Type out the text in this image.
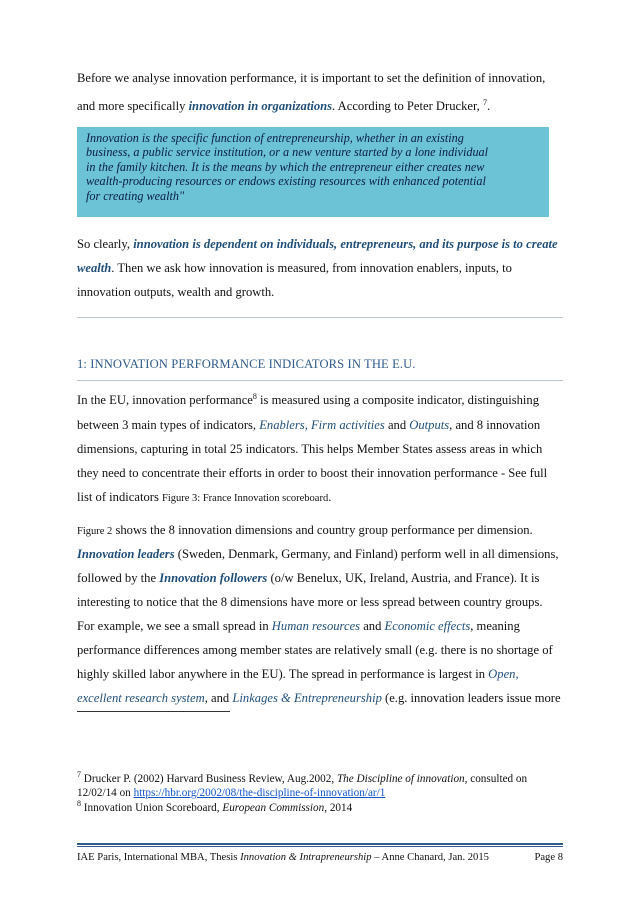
Before we analyse innovation performance, it is important to set the definition of innovation,
and more specifically innovation in organizations. According to Peter Drucker, $^7$.
Innovation is the specific function of entrepreneurship, whether in an existing
business, a public service institution, or a new venture started by a lone individual
in the family kitchen. It is the means by which the entrepreneur either creates new
wealth-producing resources or endows existing resources with enhanced potential
for creating wealth"
So clearly, innovation is dependent on individuals, entrepreneurs, and its purpose is to create
wealth. Then we ask how innovation is measured, from innovation enablers, inputs, to
innovation outputs, wealth and growth.
1: INNOVATION PERFORMANCE INDICATORS IN THE E.U.
In the EU, innovation performance$^8$ is measured using a composite indicator, distinguishing
between 3 main types of indicators, Enablers, Firm activities and Outputs, and 8 innovation
dimensions, capturing in total 25 indicators. This helps Member States assess areas in which
they need to concentrate their efforts in order to boost their innovation performance - See full
list of indicators Figure 3: France Innovation scoreboard.
Figure 2 shows the 8 innovation dimensions and country group performance per dimension.
Innovation leaders (Sweden, Denmark, Germany, and Finland) perform well in all dimensions,
followed by the Innovation followers (o/w Benelux, UK, Ireland, Austria, and France). It is
interesting to notice that the 8 dimensions have more or less spread between country groups.
For example, we see a small spread in Human resources and Economic effects, meaning
performance differences among member states are relatively small (e.g. there is no shortage of
highly skilled labor anywhere in the EU). The spread in performance is largest in Open,
excellent research system, and Linkages & Entrepreneurship (e.g. innovation leaders issue more
$^7$ Drucker P. (2002) Harvard Business Review, Aug.2002, The Discipline of innovation, consulted on
12/02/14 on https://hbr.org/2002/08/the-discipline-of-innovation/ar/1
$^8$ Innovation Union Scoreboard, European Commission, 2014
IAE Paris, International MBA, Thesis Innovation & Intrapreneurship – Anne Chanard, Jan. 2015	Page 8
